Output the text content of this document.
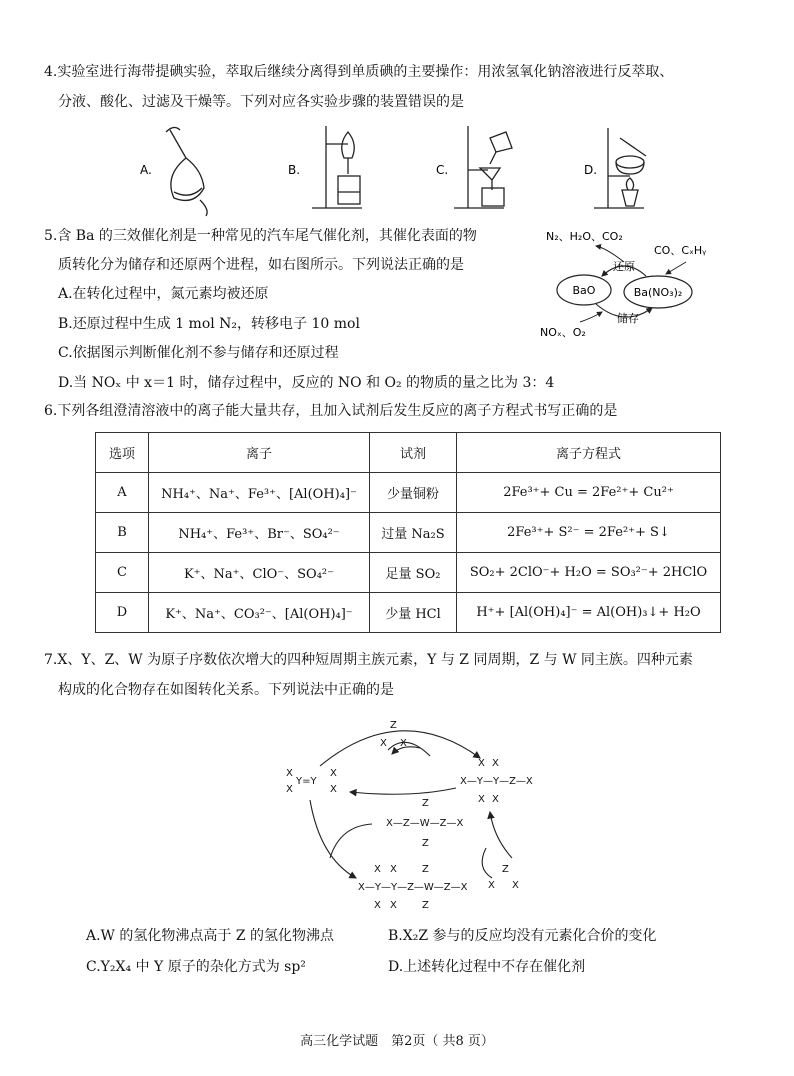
4.实验室进行海带提碘实验，萃取后继续分离得到单质碘的主要操作：用浓氢氧化钠溶液进行反萃取、
分液、酸化、过滤及干燥等。下列对应各实验步骤的装置错误的是
A.	B.	C.	D.
5.含 Ba 的三效催化剂是一种常见的汽车尾气催化剂，其催化表面的物
质转化分为储存和还原两个进程，如右图所示。下列说法正确的是
A.在转化过程中，氮元素均被还原
B.还原过程中生成 1 mol N₂，转移电子 10 mol
C.依据图示判断催化剂不参与储存和还原过程
D.当 NOₓ 中 x＝1 时，储存过程中，反应的 NO 和 O₂ 的物质的量之比为 3：4
N₂、H₂O、CO₂
CO、CₓHᵧ
BaO	Ba(NO₃)₂
还原
储存
NOₓ、O₂
6.下列各组澄清溶液中的离子能大量共存，且加入试剂后发生反应的离子方程式书写正确的是
选项	离子	试剂	离子方程式
A	NH₄⁺、Na⁺、Fe³⁺、[Al(OH)₄]⁻	少量铜粉	2Fe³⁺+ Cu = 2Fe²⁺+ Cu²⁺
B	NH₄⁺、Fe³⁺、Br⁻、SO₄²⁻	过量 Na₂S	2Fe³⁺+ S²⁻ = 2Fe²⁺+ S↓
C	K⁺、Na⁺、ClO⁻、SO₄²⁻	足量 SO₂	SO₂+ 2ClO⁻+ H₂O = SO₃²⁻+ 2HClO
D	K⁺、Na⁺、CO₃²⁻、[Al(OH)₄]⁻	少量 HCl	H⁺+ [Al(OH)₄]⁻ = Al(OH)₃↓+ H₂O
7.X、Y、Z、W 为原子序数依次增大的四种短周期主族元素，Y 与 Z 同周期，Z 与 W 同主族。四种元素
构成的化合物存在如图转化关系。下列说法中正确的是
X
X
Y=Y
X
X
Z
X X
X X
X—Y—Y—Z—X
X X
Z
X—Z—W—Z—X
Z
X X	Z
X—Y—Y—Z—W—Z—X
X X	Z
Z
X X
A.W 的氢化物沸点高于 Z 的氢化物沸点	B.X₂Z 参与的反应均没有元素化合价的变化
C.Y₂X₄ 中 Y 原子的杂化方式为 sp²	D.上述转化过程中不存在催化剂
高三化学试题　第2页（ 共8 页）
